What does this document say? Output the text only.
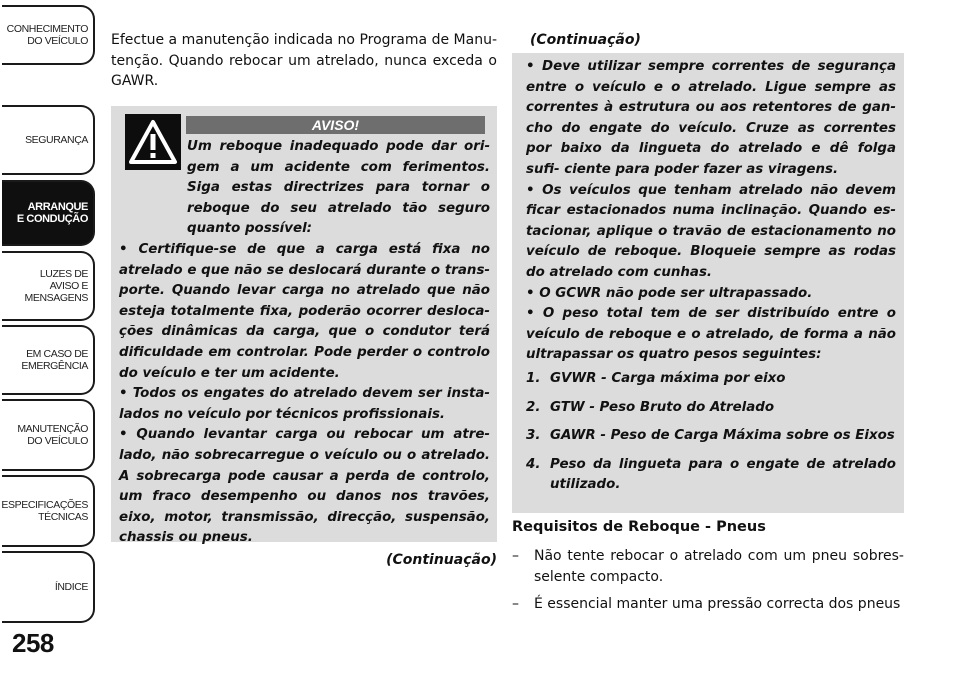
CONHECIMENTO
DO VEÍCULO
SEGURANÇA
ARRANQUE
E CONDUÇÃO
LUZES DE
AVISO E
MENSAGENS
EM CASO DE
EMERGÊNCIA
MANUTENÇÃO
DO VEÍCULO
ESPECIFICAÇÕES
TÉCNICAS
ÍNDICE
258

Efectue a manutenção indicada no Programa de Manu- tenção. Quando rebocar um atrelado, nunca exceda o GAWR.

AVISO!

Um reboque inadequado pode dar ori- gem a um acidente com ferimentos. Siga estas directrizes para tornar o reboque do seu atrelado tão seguro quanto possível:

• Certifique-se de que a carga está fixa no atrelado e que não se deslocará durante o trans- porte. Quando levar carga no atrelado que não esteja totalmente fixa, poderão ocorrer desloca- ções dinâmicas da carga, que o condutor terá dificuldade em controlar. Pode perder o controlo do veículo e ter um acidente.

• Todos os engates do atrelado devem ser insta- lados no veículo por técnicos profissionais.

• Quando levantar carga ou rebocar um atre- lado, não sobrecarregue o veículo ou o atrelado. A sobrecarga pode causar a perda de controlo, um fraco desempenho ou danos nos travões, eixo, motor, transmissão, direcção, suspensão, chassis ou pneus.

(Continuação)
(Continuação)

• Deve utilizar sempre correntes de segurança entre o veículo e o atrelado. Ligue sempre as correntes à estrutura ou aos retentores de gan- cho do engate do veículo. Cruze as correntes por baixo da lingueta do atrelado e dê folga sufi- ciente para poder fazer as viragens.

• Os veículos que tenham atrelado não devem ficar estacionados numa inclinação. Quando es- tacionar, aplique o travão de estacionamento no veículo de reboque. Bloqueie sempre as rodas do atrelado com cunhas.

• O GCWR não pode ser ultrapassado.

• O peso total tem de ser distribuído entre o veículo de reboque e o atrelado, de forma a não ultrapassar os quatro pesos seguintes:

1. GVWR - Carga máxima por eixo
2. GTW - Peso Bruto do Atrelado
3. GAWR - Peso de Carga Máxima sobre os Eixos
4. Peso da lingueta para o engate de atrelado utilizado.
Requisitos de Reboque - Pneus
–	Não tente rebocar o atrelado com um pneu sobres- selente compacto.
–	É essencial manter uma pressão correcta dos pneus
